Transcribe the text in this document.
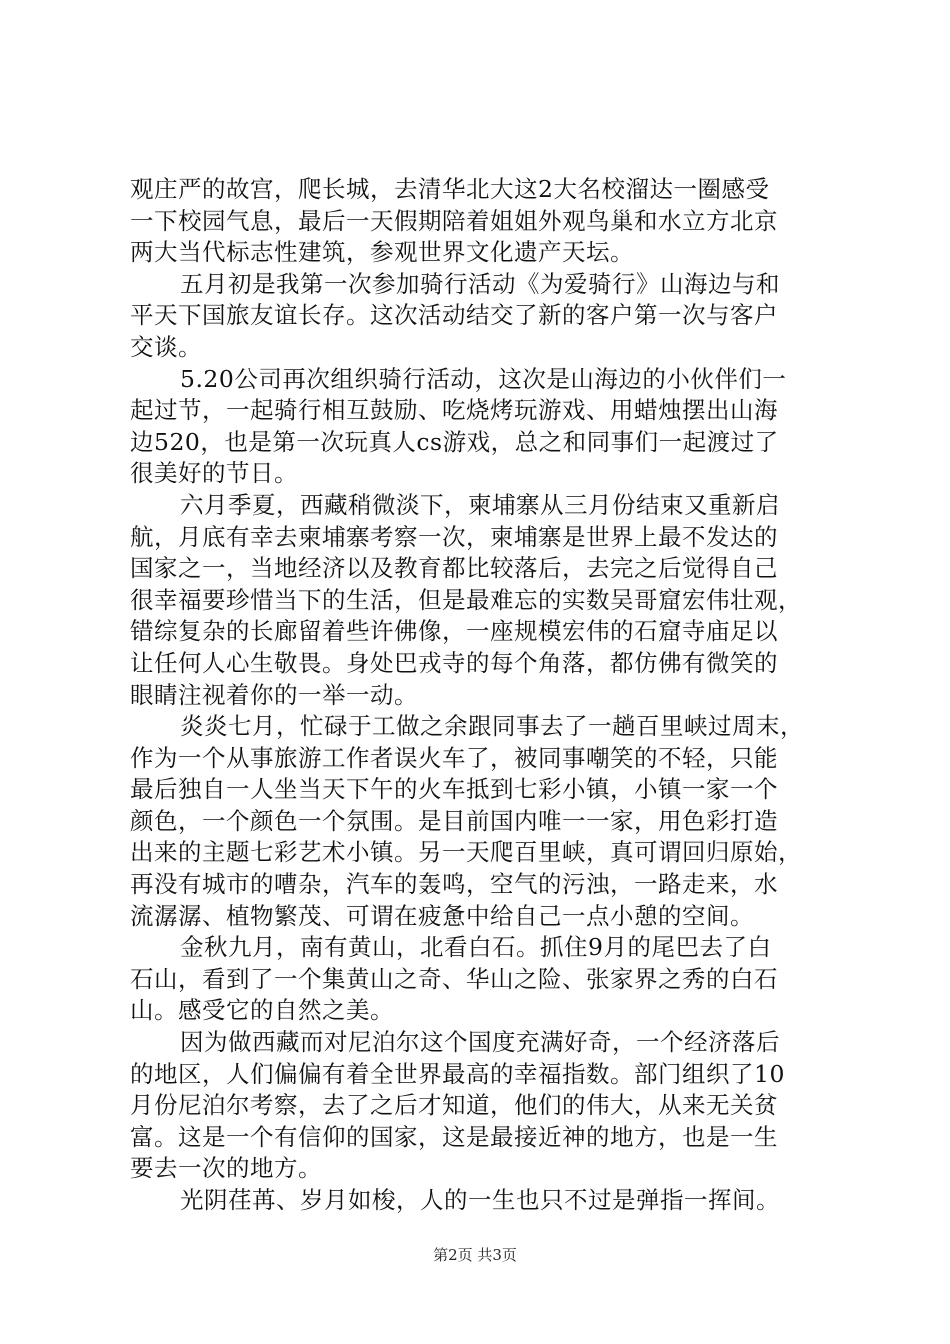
观庄严的故宫，爬长城，去清华北大这2大名校溜达一圈感受
一下校园气息，最后一天假期陪着姐姐外观鸟巢和水立方北京
两大当代标志性建筑，参观世界文化遗产天坛。
五月初是我第一次参加骑行活动《为爱骑行》山海边与和
平天下国旅友谊长存。这次活动结交了新的客户第一次与客户
交谈。
5.20公司再次组织骑行活动，这次是山海边的小伙伴们一
起过节，一起骑行相互鼓励、吃烧烤玩游戏、用蜡烛摆出山海
边520，也是第一次玩真人cs游戏，总之和同事们一起渡过了
很美好的节日。
六月季夏，西藏稍微淡下，柬埔寨从三月份结束又重新启
航，月底有幸去柬埔寨考察一次，柬埔寨是世界上最不发达的
国家之一，当地经济以及教育都比较落后，去完之后觉得自己
很幸福要珍惜当下的生活，但是最难忘的实数吴哥窟宏伟壮观，
错综复杂的长廊留着些许佛像，一座规模宏伟的石窟寺庙足以
让任何人心生敬畏。身处巴戎寺的每个角落，都仿佛有微笑的
眼睛注视着你的一举一动。
炎炎七月，忙碌于工做之余跟同事去了一趟百里峡过周末，
作为一个从事旅游工作者误火车了，被同事嘲笑的不轻，只能
最后独自一人坐当天下午的火车抵到七彩小镇，小镇一家一个
颜色，一个颜色一个氛围。是目前国内唯一一家，用色彩打造
出来的主题七彩艺术小镇。另一天爬百里峡，真可谓回归原始，
再没有城市的嘈杂，汽车的轰鸣，空气的污浊，一路走来，水
流潺潺、植物繁茂、可谓在疲惫中给自己一点小憩的空间。
金秋九月，南有黄山，北看白石。抓住9月的尾巴去了白
石山，看到了一个集黄山之奇、华山之险、张家界之秀的白石
山。感受它的自然之美。
因为做西藏而对尼泊尔这个国度充满好奇，一个经济落后
的地区，人们偏偏有着全世界最高的幸福指数。部门组织了10
月份尼泊尔考察，去了之后才知道，他们的伟大，从来无关贫
富。这是一个有信仰的国家，这是最接近神的地方，也是一生
要去一次的地方。
光阴荏苒、岁月如梭，人的一生也只不过是弹指一挥间。
第2页 共3页
